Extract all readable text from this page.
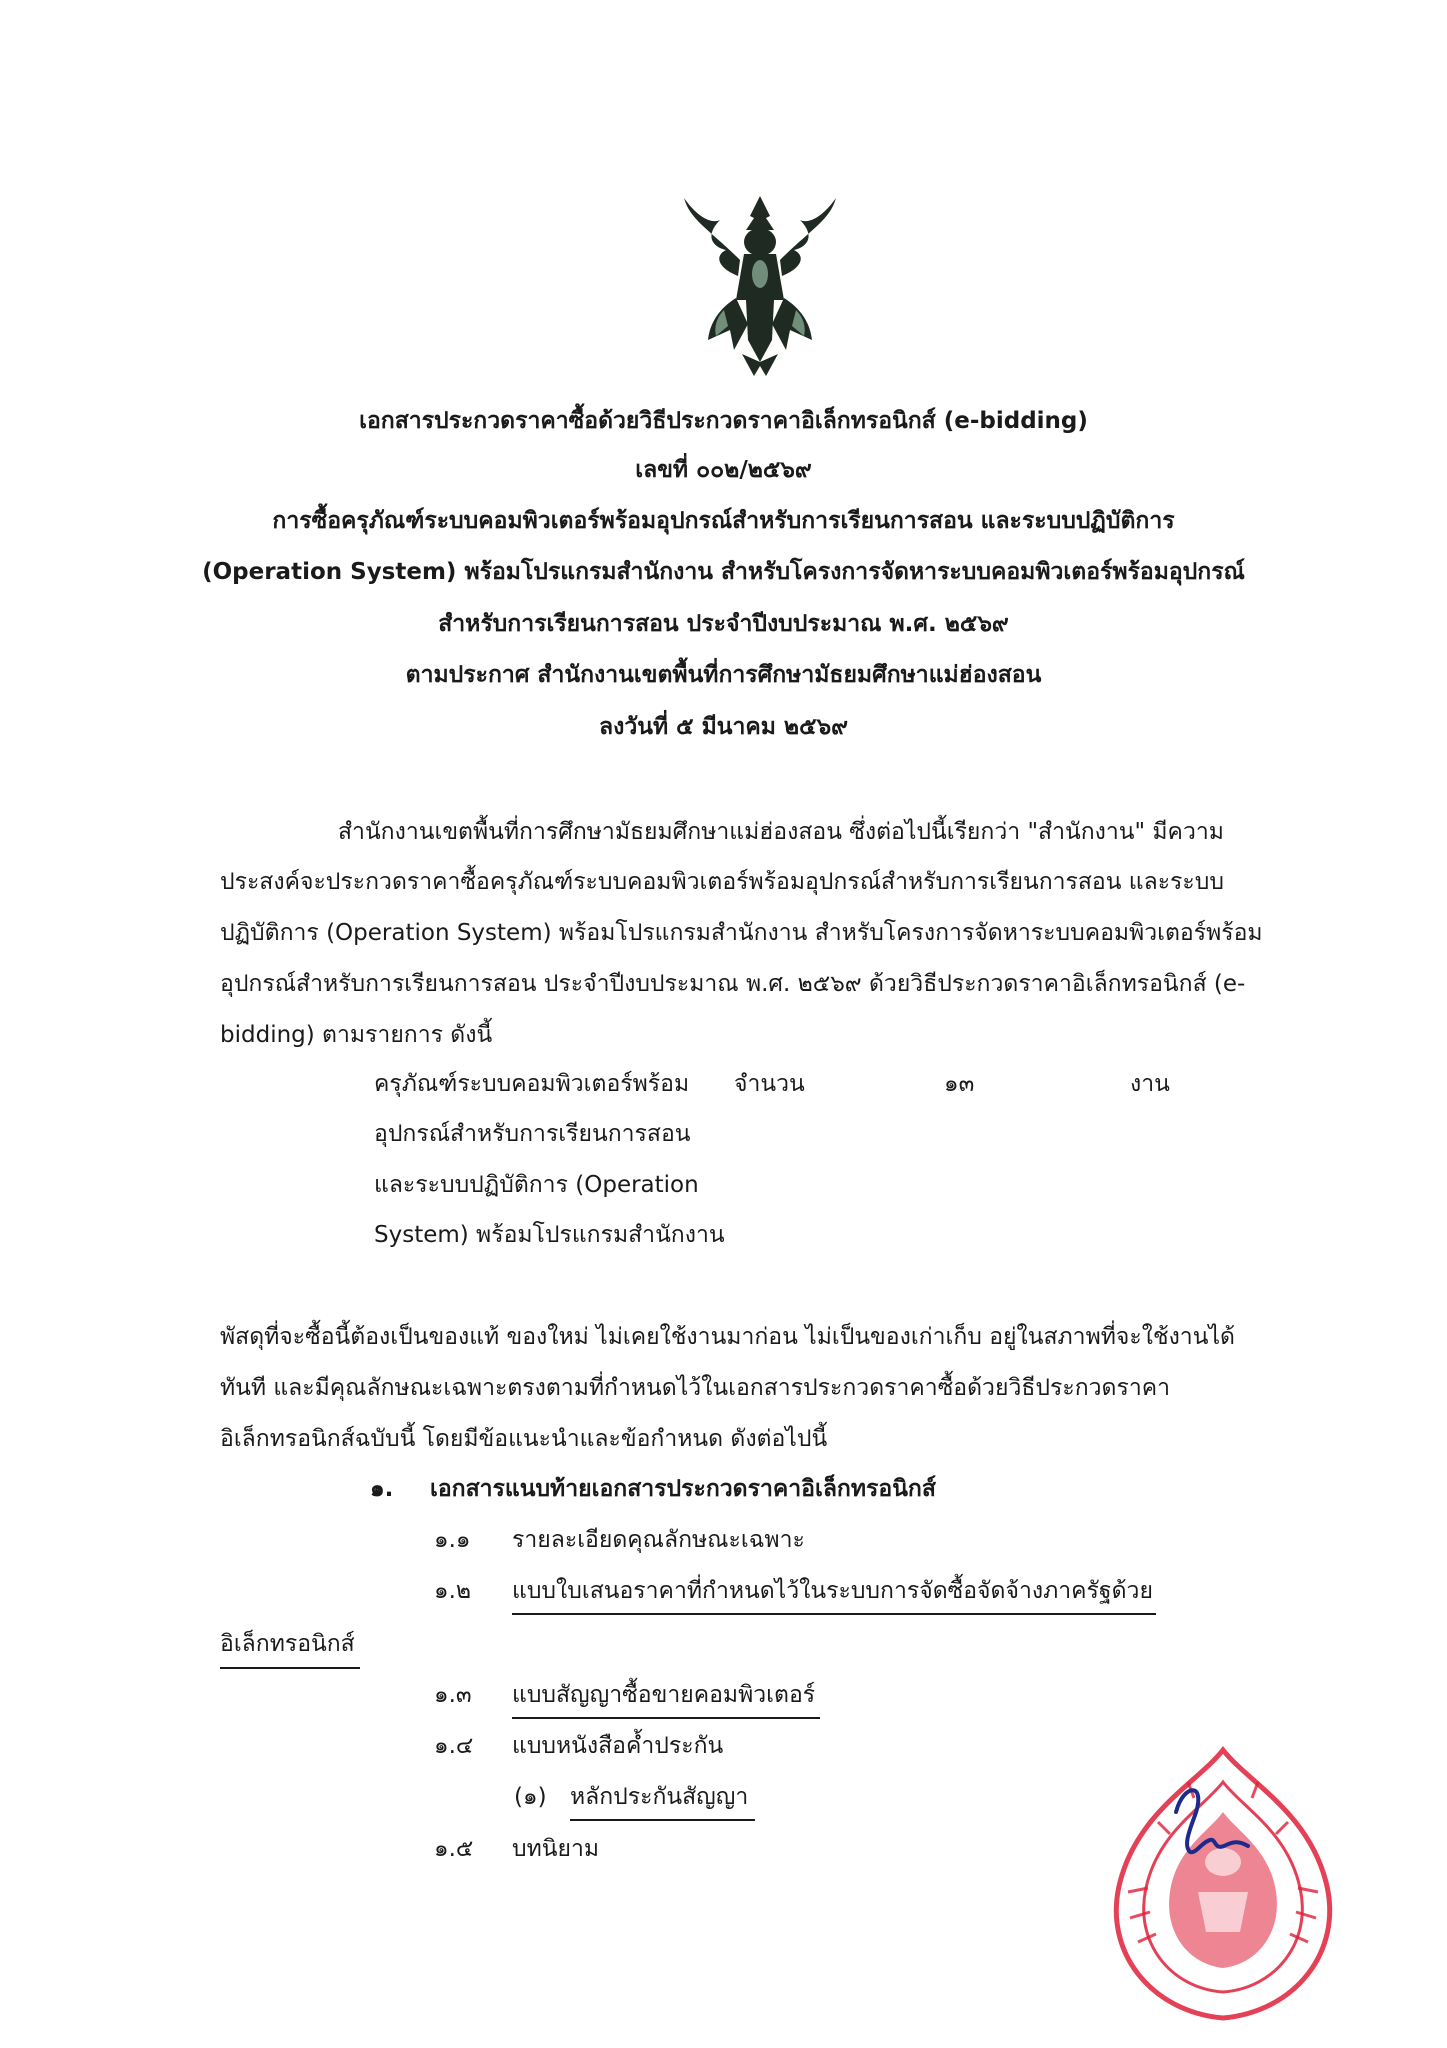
เอกสารประกวดราคาซื้อด้วยวิธีประกวดราคาอิเล็กทรอนิกส์ (e-bidding)
เลขที่ ๐๐๒/๒๕๖๙
การซื้อครุภัณฑ์ระบบคอมพิวเตอร์พร้อมอุปกรณ์สำหรับการเรียนการสอน และระบบปฏิบัติการ
(Operation System) พร้อมโปรแกรมสำนักงาน สำหรับโครงการจัดหาระบบคอมพิวเตอร์พร้อมอุปกรณ์
สำหรับการเรียนการสอน ประจำปีงบประมาณ พ.ศ. ๒๕๖๙
ตามประกาศ สำนักงานเขตพื้นที่การศึกษามัธยมศึกษาแม่ฮ่องสอน
ลงวันที่ ๕ มีนาคม ๒๕๖๙
สำนักงานเขตพื้นที่การศึกษามัธยมศึกษาแม่ฮ่องสอน ซึ่งต่อไปนี้เรียกว่า "สำนักงาน" มีความ
ประสงค์จะประกวดราคาซื้อครุภัณฑ์ระบบคอมพิวเตอร์พร้อมอุปกรณ์สำหรับการเรียนการสอน และระบบ
ปฏิบัติการ (Operation System) พร้อมโปรแกรมสำนักงาน สำหรับโครงการจัดหาระบบคอมพิวเตอร์พร้อม
อุปกรณ์สำหรับการเรียนการสอน ประจำปีงบประมาณ พ.ศ. ๒๕๖๙ ด้วยวิธีประกวดราคาอิเล็กทรอนิกส์ (e-
bidding) ตามรายการ ดังนี้
ครุภัณฑ์ระบบคอมพิวเตอร์พร้อม
อุปกรณ์สำหรับการเรียนการสอน
และระบบปฏิบัติการ (Operation
System) พร้อมโปรแกรมสำนักงาน
จำนวน	๑๓	งาน
พัสดุที่จะซื้อนี้ต้องเป็นของแท้ ของใหม่ ไม่เคยใช้งานมาก่อน ไม่เป็นของเก่าเก็บ อยู่ในสภาพที่จะใช้งานได้
ทันที และมีคุณลักษณะเฉพาะตรงตามที่กำหนดไว้ในเอกสารประกวดราคาซื้อด้วยวิธีประกวดราคา
อิเล็กทรอนิกส์ฉบับนี้ โดยมีข้อแนะนำและข้อกำหนด ดังต่อไปนี้
๑. เอกสารแนบท้ายเอกสารประกวดราคาอิเล็กทรอนิกส์
๑.๑ รายละเอียดคุณลักษณะเฉพาะ
๑.๒ แบบใบเสนอราคาที่กำหนดไว้ในระบบการจัดซื้อจัดจ้างภาครัฐด้วย
อิเล็กทรอนิกส์
๑.๓ แบบสัญญาซื้อขายคอมพิวเตอร์
๑.๔ แบบหนังสือค้ำประกัน
(๑) หลักประกันสัญญา
๑.๕ บทนิยาม
